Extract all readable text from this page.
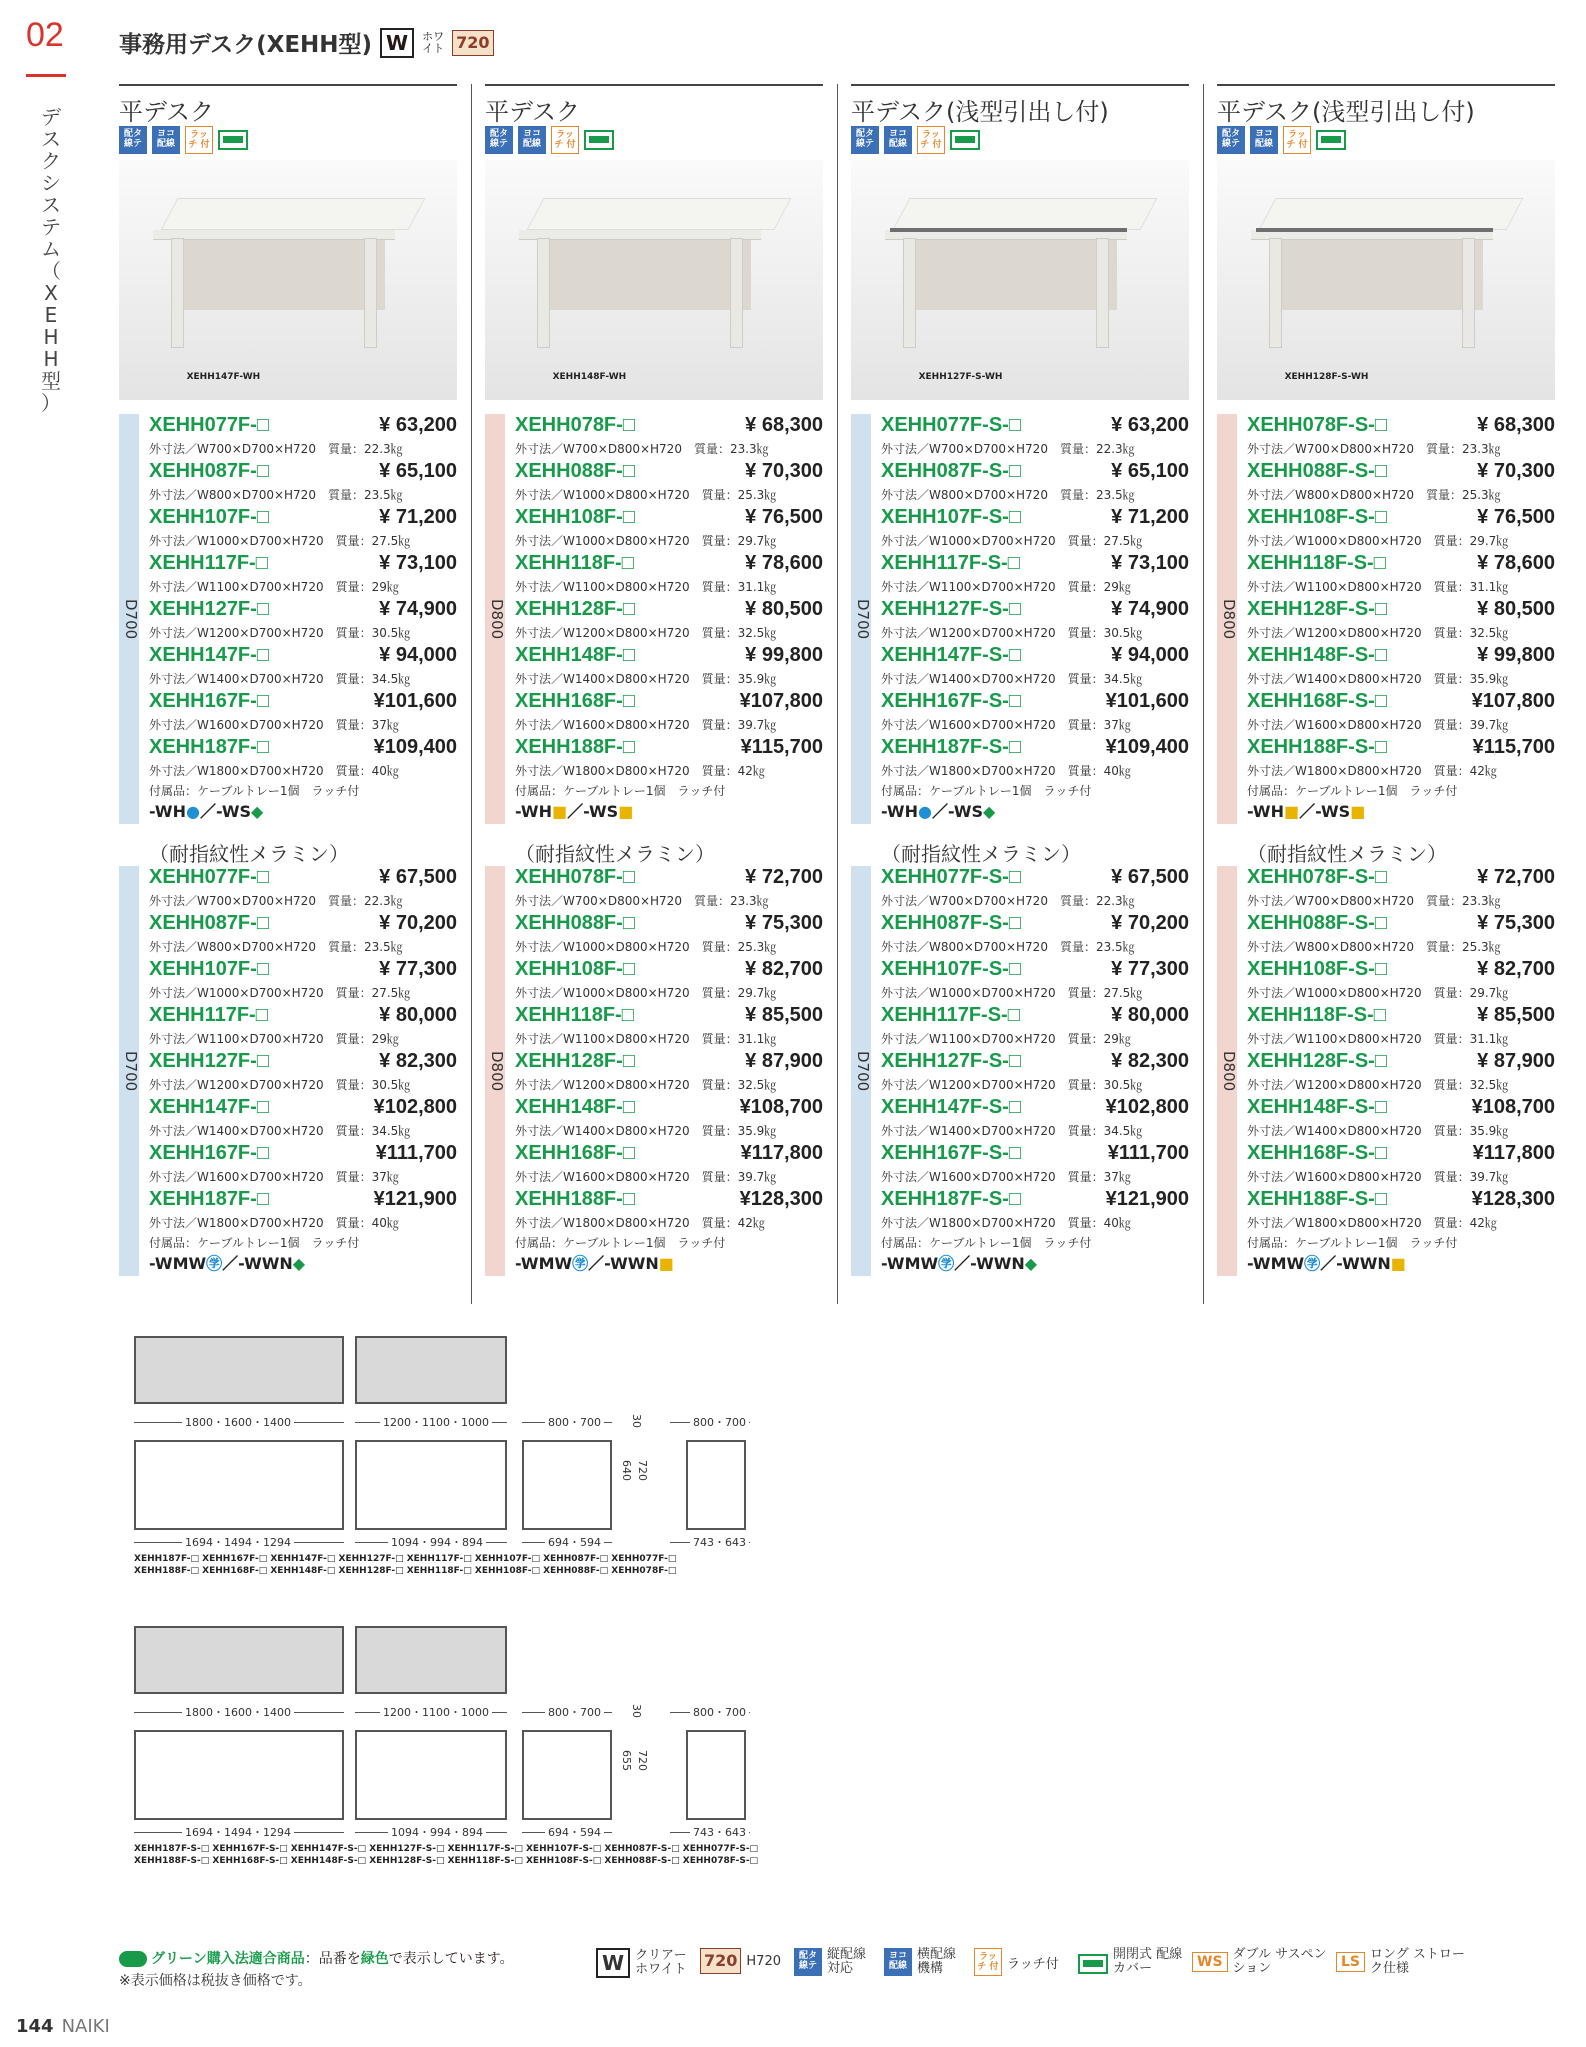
02
デ
ス
ク
シ
ス
テ
ム
（
X
E
H
H
型
）
事務用デスク(XEHH型) W	ホワ
イト 720
平デスク
配タ 線テ
ヨコ 配線
ラッチ 付
XEHH147F-WH
D700
XEHH077F-□	¥ 63,200
外寸法／W700×D700×H720　質量：22.3㎏
XEHH087F-□	¥ 65,100
外寸法／W800×D700×H720　質量：23.5㎏
XEHH107F-□	¥ 71,200
外寸法／W1000×D700×H720　質量：27.5㎏
XEHH117F-□	¥ 73,100
外寸法／W1100×D700×H720　質量：29㎏
XEHH127F-□	¥ 74,900
外寸法／W1200×D700×H720　質量：30.5㎏
XEHH147F-□	¥ 94,000
外寸法／W1400×D700×H720　質量：34.5㎏
XEHH167F-□	¥101,600
外寸法／W1600×D700×H720　質量：37㎏
XEHH187F-□	¥109,400
外寸法／W1800×D700×H720　質量：40㎏
付属品：ケーブルトレー1個　ラッチ付
-WH●／-WS◆
（耐指紋性メラミン）
D700
XEHH077F-□	¥ 67,500
外寸法／W700×D700×H720　質量：22.3㎏
XEHH087F-□	¥ 70,200
外寸法／W800×D700×H720　質量：23.5㎏
XEHH107F-□	¥ 77,300
外寸法／W1000×D700×H720　質量：27.5㎏
XEHH117F-□	¥ 80,000
外寸法／W1100×D700×H720　質量：29㎏
XEHH127F-□	¥ 82,300
外寸法／W1200×D700×H720　質量：30.5㎏
XEHH147F-□	¥102,800
外寸法／W1400×D700×H720　質量：34.5㎏
XEHH167F-□	¥111,700
外寸法／W1600×D700×H720　質量：37㎏
XEHH187F-□	¥121,900
外寸法／W1800×D700×H720　質量：40㎏
付属品：ケーブルトレー1個　ラッチ付
-WMW㊫／-WWN◆
平デスク
配タ 線テ
ヨコ 配線
ラッチ 付
XEHH148F-WH
D800
XEHH078F-□	¥ 68,300
外寸法／W700×D800×H720　質量：23.3㎏
XEHH088F-□	¥ 70,300
外寸法／W1000×D800×H720　質量：25.3㎏
XEHH108F-□	¥ 76,500
外寸法／W1000×D800×H720　質量：29.7㎏
XEHH118F-□	¥ 78,600
外寸法／W1100×D800×H720　質量：31.1㎏
XEHH128F-□	¥ 80,500
外寸法／W1200×D800×H720　質量：32.5㎏
XEHH148F-□	¥ 99,800
外寸法／W1400×D800×H720　質量：35.9㎏
XEHH168F-□	¥107,800
外寸法／W1600×D800×H720　質量：39.7㎏
XEHH188F-□	¥115,700
外寸法／W1800×D800×H720　質量：42㎏
付属品：ケーブルトレー1個　ラッチ付
-WH■／-WS■
（耐指紋性メラミン）
D800
XEHH078F-□	¥ 72,700
外寸法／W700×D800×H720　質量：23.3㎏
XEHH088F-□	¥ 75,300
外寸法／W1000×D800×H720　質量：25.3㎏
XEHH108F-□	¥ 82,700
外寸法／W1000×D800×H720　質量：29.7㎏
XEHH118F-□	¥ 85,500
外寸法／W1100×D800×H720　質量：31.1㎏
XEHH128F-□	¥ 87,900
外寸法／W1200×D800×H720　質量：32.5㎏
XEHH148F-□	¥108,700
外寸法／W1400×D800×H720　質量：35.9㎏
XEHH168F-□	¥117,800
外寸法／W1600×D800×H720　質量：39.7㎏
XEHH188F-□	¥128,300
外寸法／W1800×D800×H720　質量：42㎏
付属品：ケーブルトレー1個　ラッチ付
-WMW㊫／-WWN■
平デスク(浅型引出し付)
配タ 線テ
ヨコ 配線
ラッチ 付
XEHH127F-S-WH
D700
XEHH077F-S-□	¥ 63,200
外寸法／W700×D700×H720　質量：22.3㎏
XEHH087F-S-□	¥ 65,100
外寸法／W800×D700×H720　質量：23.5㎏
XEHH107F-S-□	¥ 71,200
外寸法／W1000×D700×H720　質量：27.5㎏
XEHH117F-S-□	¥ 73,100
外寸法／W1100×D700×H720　質量：29㎏
XEHH127F-S-□	¥ 74,900
外寸法／W1200×D700×H720　質量：30.5㎏
XEHH147F-S-□	¥ 94,000
外寸法／W1400×D700×H720　質量：34.5㎏
XEHH167F-S-□	¥101,600
外寸法／W1600×D700×H720　質量：37㎏
XEHH187F-S-□	¥109,400
外寸法／W1800×D700×H720　質量：40㎏
付属品：ケーブルトレー1個　ラッチ付
-WH●／-WS◆
（耐指紋性メラミン）
D700
XEHH077F-S-□	¥ 67,500
外寸法／W700×D700×H720　質量：22.3㎏
XEHH087F-S-□	¥ 70,200
外寸法／W800×D700×H720　質量：23.5㎏
XEHH107F-S-□	¥ 77,300
外寸法／W1000×D700×H720　質量：27.5㎏
XEHH117F-S-□	¥ 80,000
外寸法／W1100×D700×H720　質量：29㎏
XEHH127F-S-□	¥ 82,300
外寸法／W1200×D700×H720　質量：30.5㎏
XEHH147F-S-□	¥102,800
外寸法／W1400×D700×H720　質量：34.5㎏
XEHH167F-S-□	¥111,700
外寸法／W1600×D700×H720　質量：37㎏
XEHH187F-S-□	¥121,900
外寸法／W1800×D700×H720　質量：40㎏
付属品：ケーブルトレー1個　ラッチ付
-WMW㊫／-WWN◆
平デスク(浅型引出し付)
配タ 線テ
ヨコ 配線
ラッチ 付
XEHH128F-S-WH
D800
XEHH078F-S-□	¥ 68,300
外寸法／W700×D800×H720　質量：23.3㎏
XEHH088F-S-□	¥ 70,300
外寸法／W800×D800×H720　質量：25.3㎏
XEHH108F-S-□	¥ 76,500
外寸法／W1000×D800×H720　質量：29.7㎏
XEHH118F-S-□	¥ 78,600
外寸法／W1100×D800×H720　質量：31.1㎏
XEHH128F-S-□	¥ 80,500
外寸法／W1200×D800×H720　質量：32.5㎏
XEHH148F-S-□	¥ 99,800
外寸法／W1400×D800×H720　質量：35.9㎏
XEHH168F-S-□	¥107,800
外寸法／W1600×D800×H720　質量：39.7㎏
XEHH188F-S-□	¥115,700
外寸法／W1800×D800×H720　質量：42㎏
付属品：ケーブルトレー1個　ラッチ付
-WH■／-WS■
（耐指紋性メラミン）
D800
XEHH078F-S-□	¥ 72,700
外寸法／W700×D800×H720　質量：23.3㎏
XEHH088F-S-□	¥ 75,300
外寸法／W800×D800×H720　質量：25.3㎏
XEHH108F-S-□	¥ 82,700
外寸法／W1000×D800×H720　質量：29.7㎏
XEHH118F-S-□	¥ 85,500
外寸法／W1100×D800×H720　質量：31.1㎏
XEHH128F-S-□	¥ 87,900
外寸法／W1200×D800×H720　質量：32.5㎏
XEHH148F-S-□	¥108,700
外寸法／W1400×D800×H720　質量：35.9㎏
XEHH168F-S-□	¥117,800
外寸法／W1600×D800×H720　質量：39.7㎏
XEHH188F-S-□	¥128,300
外寸法／W1800×D800×H720　質量：42㎏
付属品：ケーブルトレー1個　ラッチ付
-WMW㊫／-WWN■
1800・1600・1400	1200・1100・1000	800・700	800・700
30
640 720
1694・1494・1294	1094・994・894	694・594	743・643
XEHH187F-□ XEHH167F-□ XEHH147F-□ XEHH127F-□ XEHH117F-□ XEHH107F-□ XEHH087F-□ XEHH077F-□
XEHH188F-□ XEHH168F-□ XEHH148F-□ XEHH128F-□ XEHH118F-□ XEHH108F-□ XEHH088F-□ XEHH078F-□
1800・1600・1400	1200・1100・1000	800・700	800・700
30
655 720
1694・1494・1294	1094・994・894	694・594	743・643
XEHH187F-S-□ XEHH167F-S-□ XEHH147F-S-□ XEHH127F-S-□ XEHH117F-S-□ XEHH107F-S-□ XEHH087F-S-□ XEHH077F-S-□
XEHH188F-S-□ XEHH168F-S-□ XEHH148F-S-□ XEHH128F-S-□ XEHH118F-S-□ XEHH108F-S-□ XEHH088F-S-□ XEHH078F-S-□
グリーン購入法適合商品：品番を緑色で表示しています。
※表示価格は税抜き価格です。
W クリアー ホワイト	720 H720	配タ 線テ
縦配線 対応
ヨコ 配線
横配線 機構
ラッチ 付 ラッチ付
開閉式 配線カバー	WS ダブル サスペンション	LS ロング ストローク仕様
144 NAIKI
